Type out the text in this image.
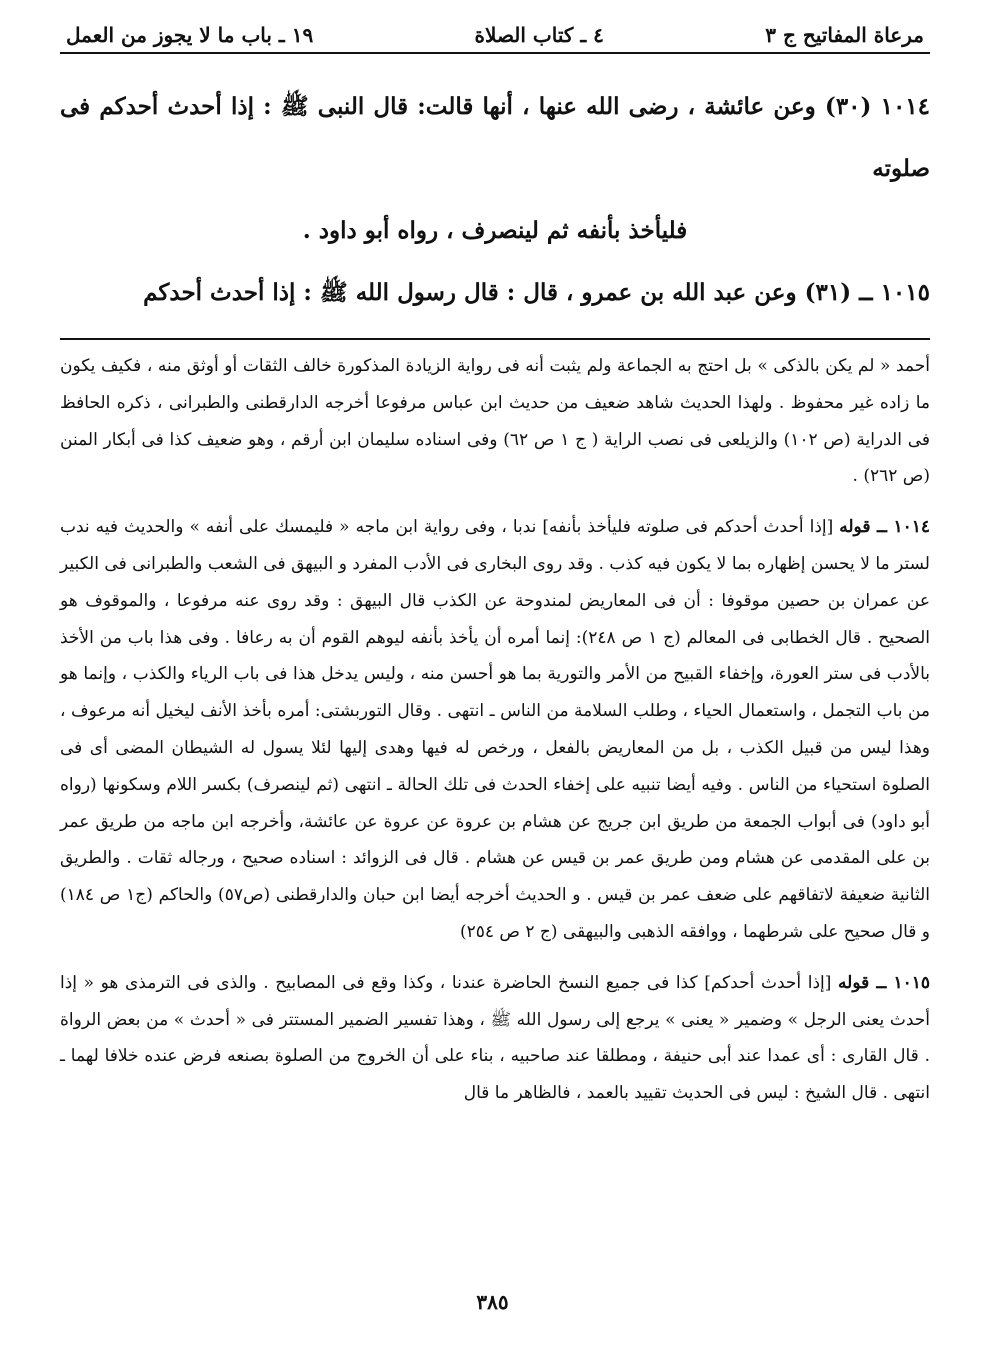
مرعاة المفاتيح ج ٣
٤ ـ كتاب الصلاة
١٩ ـ باب ما لا يجوز من العمل

١٠١٤ (٣٠) وعن عائشة ، رضى الله عنها ، أنها قالت: قال النبى ﷺ : إذا أحدث أحدكم فى صلوته

فليأخذ بأنفه ثم لينصرف ، رواه أبو داود .

١٠١٥ ــ (٣١) وعن عبد الله بن عمرو ، قال : قال رسول الله ﷺ : إذا أحدث أحدكم

أحمد « لم يكن بالذكى » بل احتج به الجماعة ولم يثبت أنه فى رواية الزيادة المذكورة خالف الثقات أو أوثق منه ، فكيف يكون ما زاده غير محفوظ . ولهذا الحديث شاهد ضعيف من حديث ابن عباس مرفوعا أخرجه الدارقطنى والطبرانى ، ذكره الحافظ فى الدراية (ص ١٠٢) والزيلعى فى نصب الراية ( ج ١ ص ٦٢) وفى اسناده سليمان ابن أرقم ، وهو ضعيف كذا فى أبكار المنن (ص ٢٦٢) .

١٠١٤ ــ قوله [إذا أحدث أحدكم فى صلوته فليأخذ بأنفه] ندبا ، وفى رواية ابن ماجه « فليمسك على أنفه » والحديث فيه ندب لستر ما لا يحسن إظهاره بما لا يكون فيه كذب . وقد روى البخارى فى الأدب المفرد و البيهق فى الشعب والطبرانى فى الكبير عن عمران بن حصين موقوفا : أن فى المعاريض لمندوحة عن الكذب قال البيهق : وقد روى عنه مرفوعا ، والموقوف هو الصحيح . قال الخطابى فى المعالم (ج ١ ص ٢٤٨): إنما أمره أن يأخذ بأنفه ليوهم القوم أن به رعافا . وفى هذا باب من الأخذ بالأدب فى ستر العورة، وإخفاء القبيح من الأمر والتورية بما هو أحسن منه ، وليس يدخل هذا فى باب الرياء والكذب ، وإنما هو من باب التجمل ، واستعمال الحياء ، وطلب السلامة من الناس ـ انتهى . وقال التوربشتى: أمره بأخذ الأنف ليخيل أنه مرعوف ، وهذا ليس من قبيل الكذب ، بل من المعاريض بالفعل ، ورخص له فيها وهدى إليها لئلا يسول له الشيطان المضى أى فى الصلوة استحياء من الناس . وفيه أيضا تنبيه على إخفاء الحدث فى تلك الحالة ـ انتهى (ثم لينصرف) بكسر اللام وسكونها (رواه أبو داود) فى أبواب الجمعة من طريق ابن جريج عن هشام بن عروة عن عروة عن عائشة، وأخرجه ابن ماجه من طريق عمر بن على المقدمى عن هشام ومن طريق عمر بن قيس عن هشام . قال فى الزوائد : اسناده صحيح ، ورجاله ثقات . والطريق الثانية ضعيفة لاتفاقهم على ضعف عمر بن قيس . و الحديث أخرجه أيضا ابن حبان والدارقطنى (ص٥٧) والحاكم (ج١ ص ١٨٤) و قال صحيح على شرطهما ، ووافقه الذهبى والبيهقى (ج ٢ ص ٢٥٤)

١٠١٥ ــ قوله [إذا أحدث أحدكم] كذا فى جميع النسخ الحاضرة عندنا ، وكذا وقع فى المصابيح . والذى فى الترمذى هو « إذا أحدث يعنى الرجل » وضمير « يعنى » يرجع إلى رسول الله ﷺ ، وهذا تفسير الضمير المستتر فى « أحدث » من بعض الرواة . قال القارى : أى عمدا عند أبى حنيفة ، ومطلقا عند صاحبيه ، بناء على أن الخروج من الصلوة بصنعه فرض عنده خلافا لهما ـ انتهى . قال الشيخ : ليس فى الحديث تقييد بالعمد ، فالظاهر ما قال

٣٨٥
